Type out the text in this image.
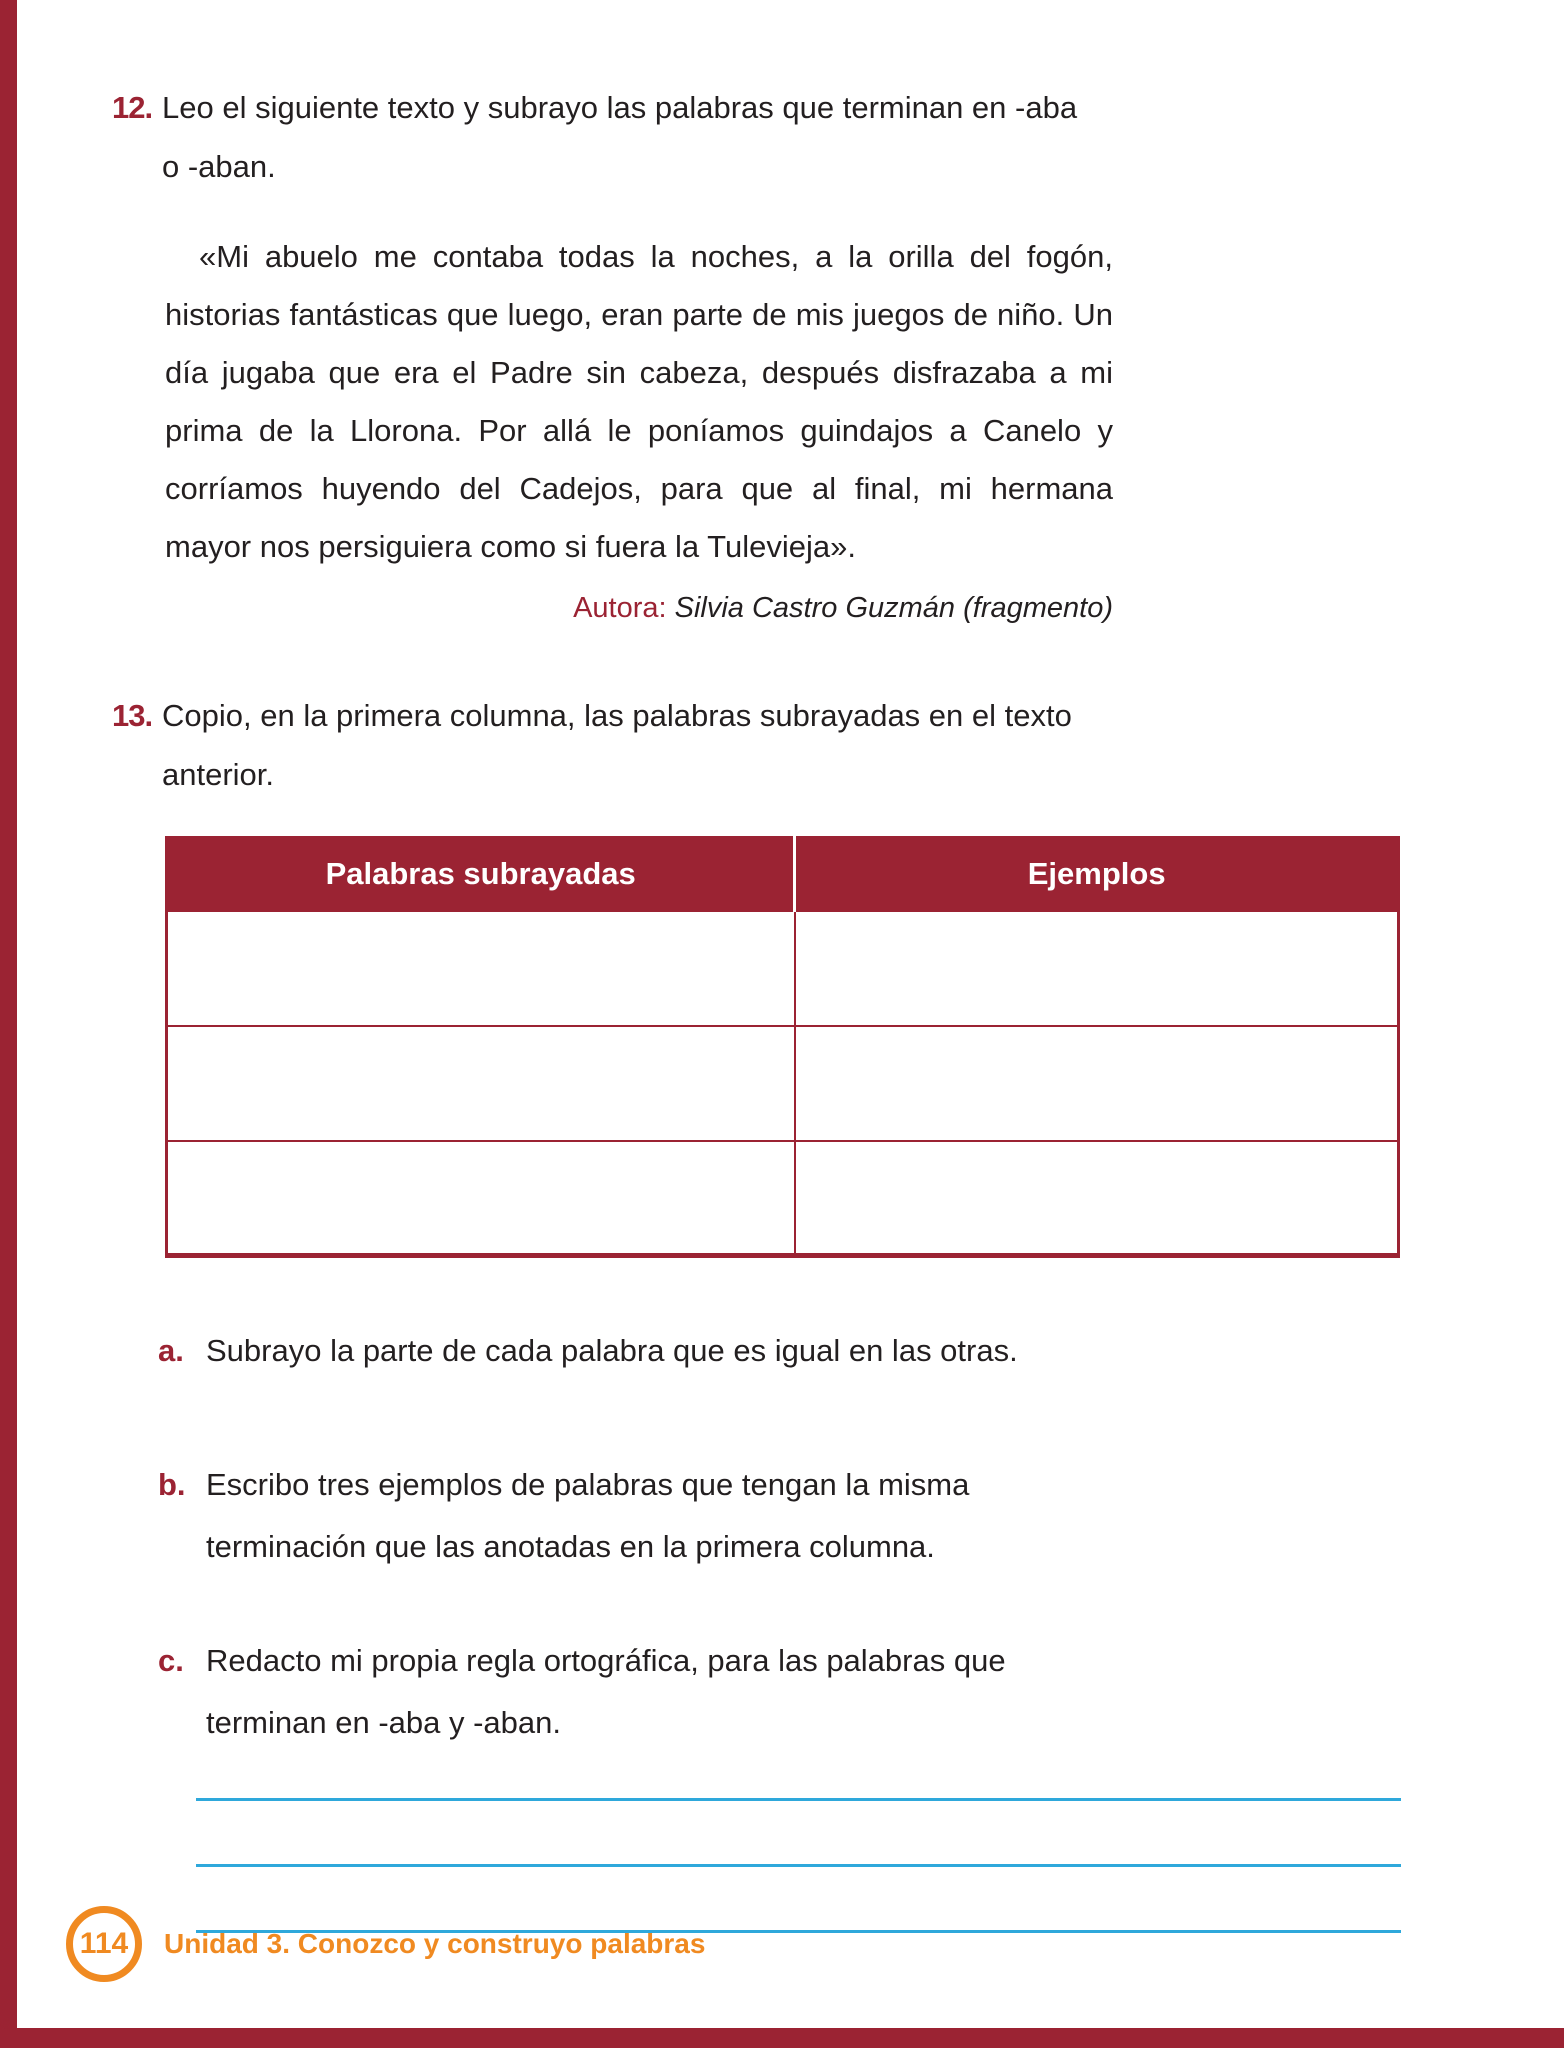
12. Leo el siguiente texto y subrayo las palabras que terminan en -aba o -aban.

«Mi abuelo me contaba todas la noches, a la orilla del fogón, historias fantásticas que luego, eran parte de mis juegos de niño. Un día jugaba que era el Padre sin cabeza, después disfrazaba a mi prima de la Llorona. Por allá le poníamos guindajos a Canelo y corríamos huyendo del Cadejos, para que al final, mi hermana mayor nos persiguiera como si fuera la Tulevieja».

Autora: Silvia Castro Guzmán (fragmento)

13. Copio, en la primera columna, las palabras subrayadas en el texto anterior.
Palabras subrayadas	Ejemplos

a. Subrayo la parte de cada palabra que es igual en las otras.
b. Escribo tres ejemplos de palabras que tengan la misma terminación que las anotadas en la primera columna.
c. Redacto mi propia regla ortográfica, para las palabras que terminan en -aba y -aban.
114 Unidad 3. Conozco y construyo palabras
